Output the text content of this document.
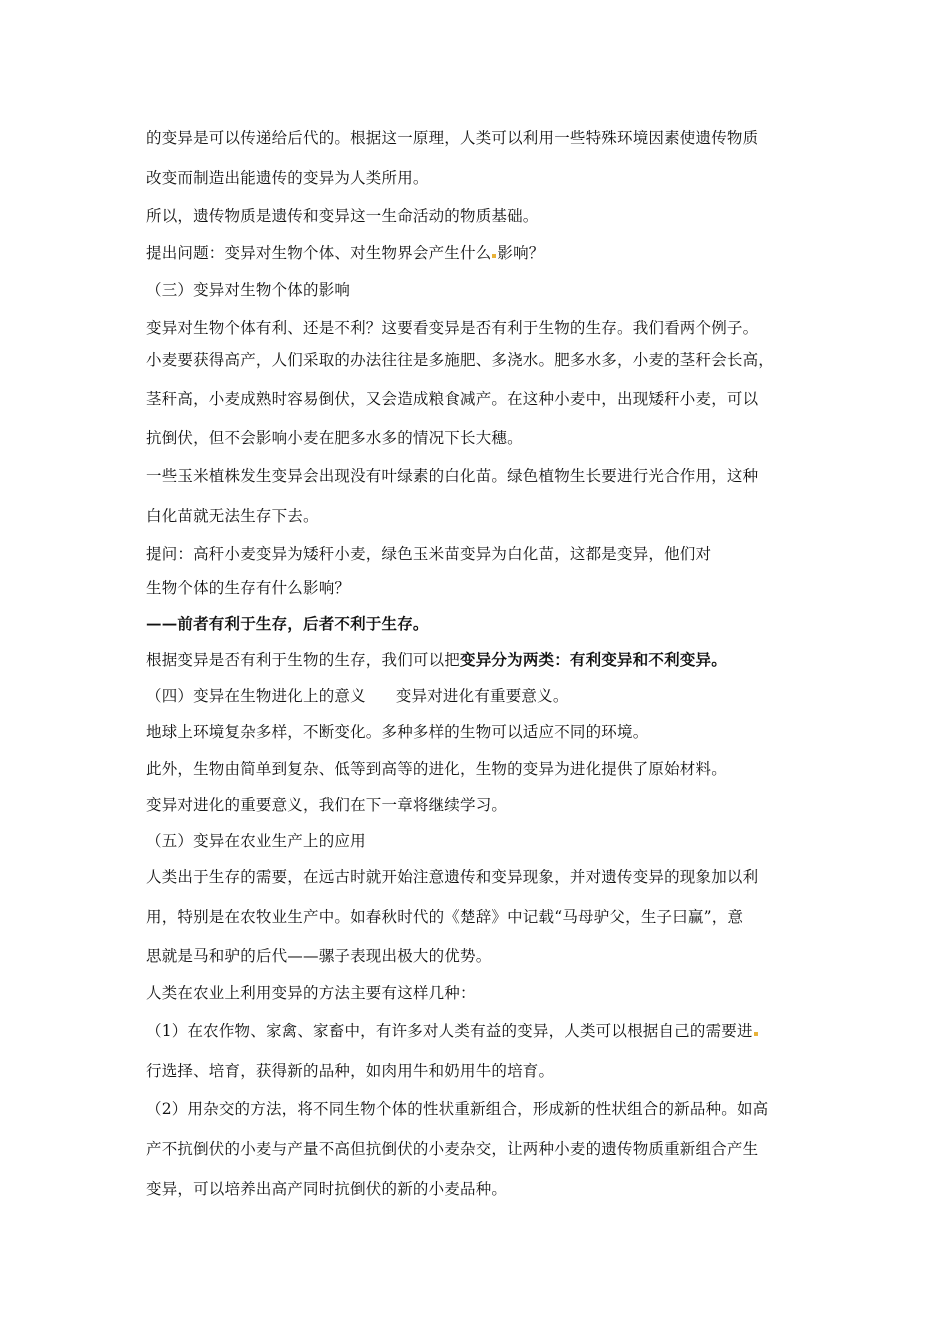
的变异是可以传递给后代的。根据这一原理，人类可以利用一些特殊环境因素使遗传物质
改变而制造出能遗传的变异为人类所用。
所以，遗传物质是遗传和变异这一生命活动的物质基础。
提出问题：变异对生物个体、对生物界会产生什么 影响？
（三）变异对生物个体的影响
变异对生物个体有利、还是不利？这要看变异是否有利于生物的生存。我们看两个例子。
小麦要获得高产，人们采取的办法往往是多施肥、多浇水。肥多水多，小麦的茎秆会长高，
茎秆高，小麦成熟时容易倒伏，又会造成粮食减产。在这种小麦中，出现矮秆小麦，可以
抗倒伏，但不会影响小麦在肥多水多的情况下长大穗。
一些玉米植株发生变异会出现没有叶绿素的白化苗。绿色植物生长要进行光合作用，这种
白化苗就无法生存下去。
提问：高秆小麦变异为矮秆小麦，绿色玉米苗变异为白化苗，这都是变异，他们对
生物个体的生存有什么影响？
——前者有利于生存，后者不利于生存。
根据变异是否有利于生物的生存，我们可以把变异分为两类：有利变异和不利变异。
（四）变异在生物进化上的意义 变异对进化有重要意义。
地球上环境复杂多样，不断变化。多种多样的生物可以适应不同的环境。
此外，生物由简单到复杂、低等到高等的进化，生物的变异为进化提供了原始材料。
变异对进化的重要意义，我们在下一章将继续学习。
（五）变异在农业生产上的应用
人类出于生存的需要，在远古时就开始注意遗传和变异现象，并对遗传变异的现象加以利
用，特别是在农牧业生产中。如春秋时代的《楚辞》中记载“马母驴父，生子曰赢”，意
思就是马和驴的后代——骡子表现出极大的优势。
人类在农业上利用变异的方法主要有这样几种：
（1）在农作物、家禽、家畜中，有许多对人类有益的变异，人类可以根据自己的需要进
行选择、培育，获得新的品种，如肉用牛和奶用牛的培育。
（2）用杂交的方法，将不同生物个体的性状重新组合，形成新的性状组合的新品种。如高
产不抗倒伏的小麦与产量不高但抗倒伏的小麦杂交，让两种小麦的遗传物质重新组合产生
变异，可以培养出高产同时抗倒伏的新的小麦品种。
